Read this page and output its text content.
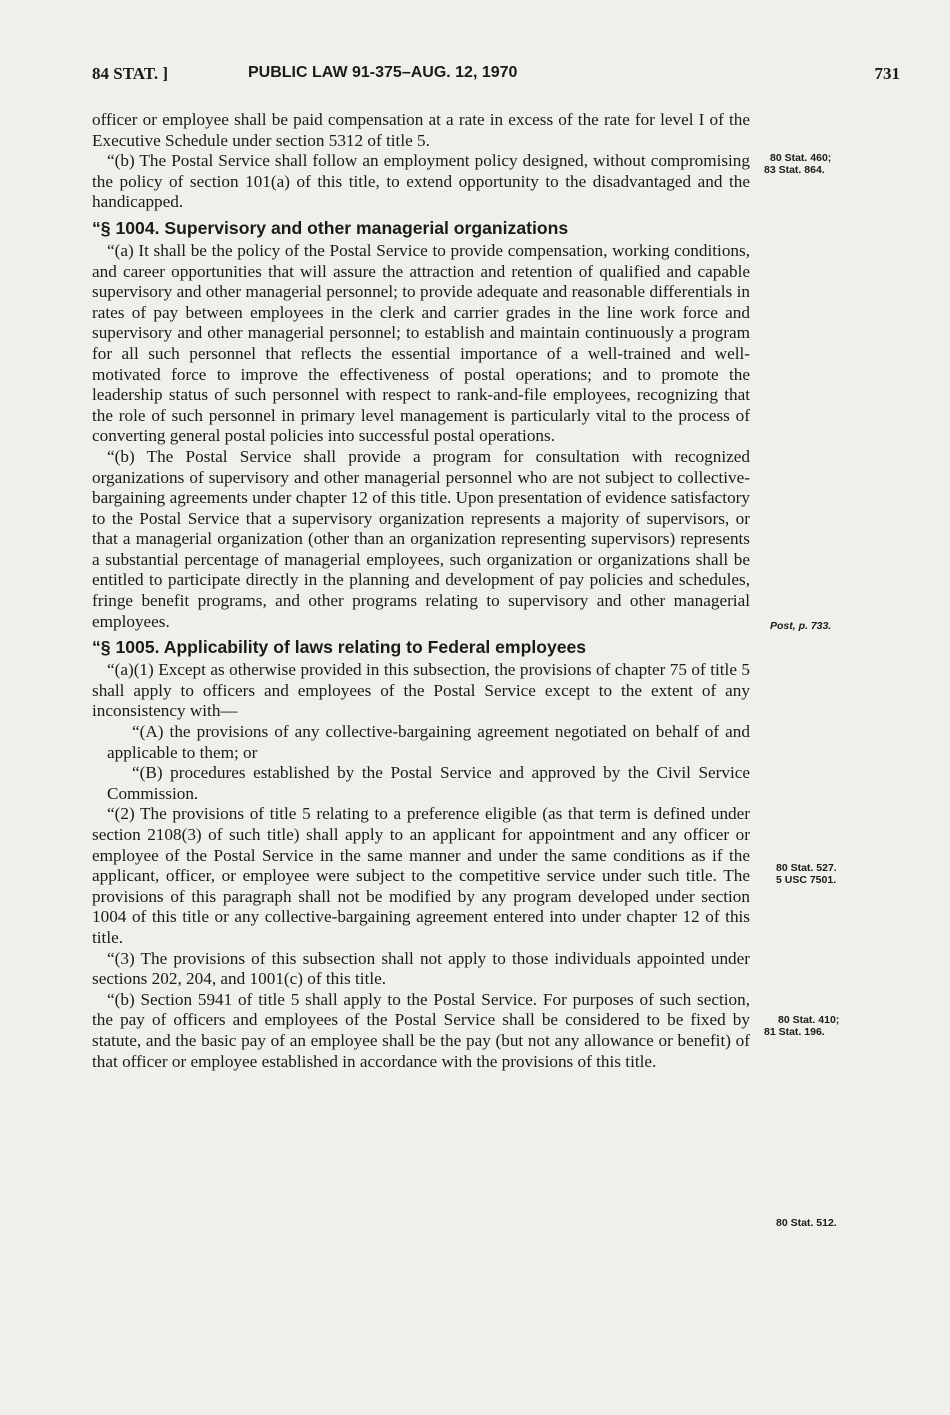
84 STAT. ]	PUBLIC LAW 91-375–AUG. 12, 1970	731

officer or employee shall be paid compensation at a rate in excess of the rate for level I of the Executive Schedule under section 5312 of title 5.

“(b) The Postal Service shall follow an employment policy designed, without compromising the policy of section 101(a) of this title, to extend opportunity to the disadvantaged and the handicapped.

“§ 1004. Supervisory and other managerial organizations

“(a) It shall be the policy of the Postal Service to provide compensation, working conditions, and career opportunities that will assure the attraction and retention of qualified and capable supervisory and other managerial personnel; to provide adequate and reasonable differentials in rates of pay between employees in the clerk and carrier grades in the line work force and supervisory and other managerial personnel; to establish and maintain continuously a program for all such personnel that reflects the essential importance of a well-trained and well-motivated force to improve the effectiveness of postal operations; and to promote the leadership status of such personnel with respect to rank-and-file employees, recognizing that the role of such personnel in primary level management is particularly vital to the process of converting general postal policies into successful postal operations.

“(b) The Postal Service shall provide a program for consultation with recognized organizations of supervisory and other managerial personnel who are not subject to collective-bargaining agreements under chapter 12 of this title. Upon presentation of evidence satisfactory to the Postal Service that a supervisory organization represents a majority of supervisors, or that a managerial organization (other than an organization representing supervisors) represents a substantial percentage of managerial employees, such organization or organizations shall be entitled to participate directly in the planning and development of pay policies and schedules, fringe benefit programs, and other programs relating to supervisory and other managerial employees.

“§ 1005. Applicability of laws relating to Federal employees

“(a)(1) Except as otherwise provided in this subsection, the provisions of chapter 75 of title 5 shall apply to officers and employees of the Postal Service except to the extent of any inconsistency with—

“(A) the provisions of any collective-bargaining agreement negotiated on behalf of and applicable to them; or

“(B) procedures established by the Postal Service and approved by the Civil Service Commission.

“(2) The provisions of title 5 relating to a preference eligible (as that term is defined under section 2108(3) of such title) shall apply to an applicant for appointment and any officer or employee of the Postal Service in the same manner and under the same conditions as if the applicant, officer, or employee were subject to the competitive service under such title. The provisions of this paragraph shall not be modified by any program developed under section 1004 of this title or any collective-bargaining agreement entered into under chapter 12 of this title.

“(3) The provisions of this subsection shall not apply to those individuals appointed under sections 202, 204, and 1001(c) of this title.

“(b) Section 5941 of title 5 shall apply to the Postal Service. For purposes of such section, the pay of officers and employees of the Postal Service shall be considered to be fixed by statute, and the basic pay of an employee shall be the pay (but not any allowance or benefit) of that officer or employee established in accordance with the provisions of this title.

80 Stat. 460;
83 Stat. 864.
Post, p. 733.
80 Stat. 527.
5 USC 7501.
80 Stat. 410;
81 Stat. 196.
80 Stat. 512.
